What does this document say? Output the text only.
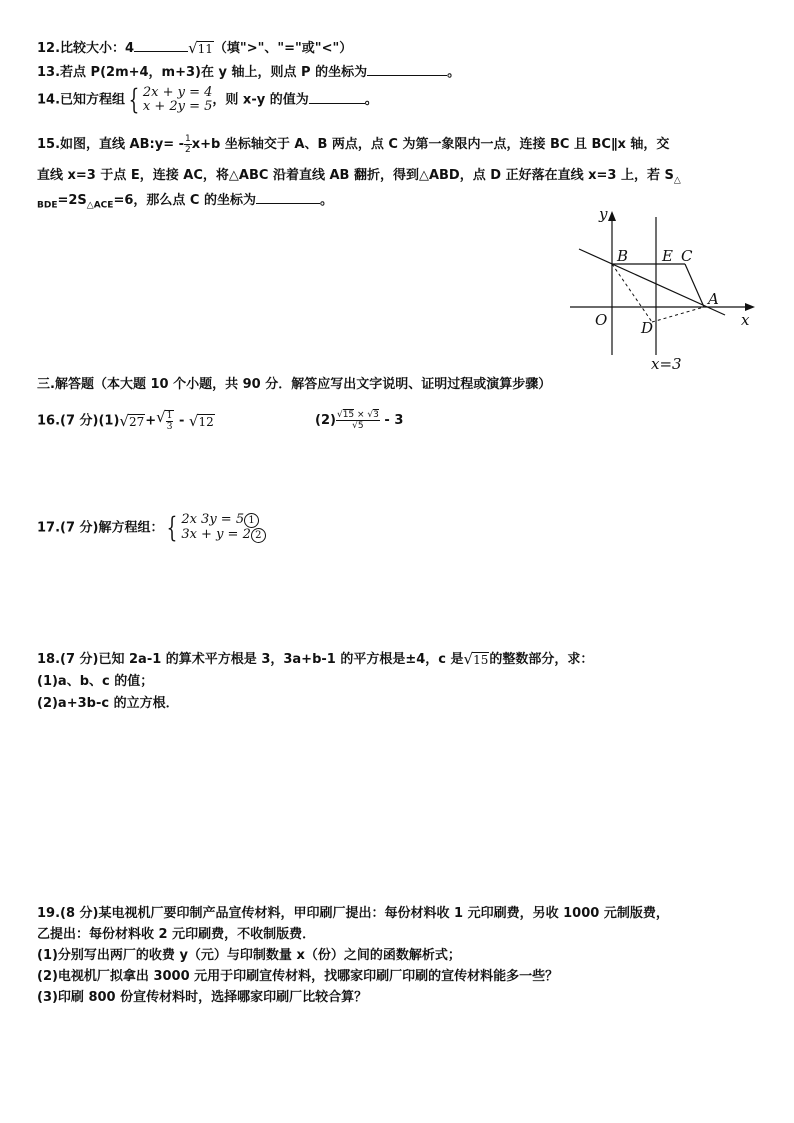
12.比较大小：4	√ 11 （填">"、"="或"<"）
13.若点 P(2m+4，m+3)在 y 轴上，则点 P 的坐标为	。
14.已知方程组 { 2x + y = 4
x + 2y = 5 ，则 x-y 的值为	。
15.如图，直线 AB:y= - $\frac{1}{2} x+b$ 坐标轴交于 A、B 两点，点 C 为第一象限内一点，连接 BC 且 BC∥x 轴，交
直线 x=3 于点 E，连接 AC，将△ABC 沿着直线 AB 翻折，得到△ABD，点 D 正好落在直线 x=3 上，若 $S_\triangle$
$_{BDE}=2S_{\triangle ACE}=6$，那么点 C 的坐标为	。
y
x
O
B E C
A
D
x=3
三.解答题（本大题 10 个小题，共 90 分．解答应写出文字说明、证明过程或演算步骤）
16.(7 分)(1) √ 27 + √ $\frac{1}{3}$ - √ 12	$(2) \frac{√15 \times √3}{√5} - 3$
17.(7 分)解方程组： { 2x 3y = 5 1
3x + y = 2 2
18.(7 分)已知 2a-1 的算术平方根是 3，3a+b-1 的平方根是±4，c 是 √ 15 的整数部分，求：
(1)a、b、c 的值；
(2)a+3b-c 的立方根．
19.(8 分)某电视机厂要印制产品宣传材料，甲印刷厂提出：每份材料收 1 元印刷费，另收 1000 元制版费，
乙提出：每份材料收 2 元印刷费，不收制版费．
(1)分别写出两厂的收费 y（元）与印制数量 x（份）之间的函数解析式；
(2)电视机厂拟拿出 3000 元用于印刷宣传材料，找哪家印刷厂印刷的宣传材料能多一些？
(3)印刷 800 份宣传材料时，选择哪家印刷厂比较合算？
